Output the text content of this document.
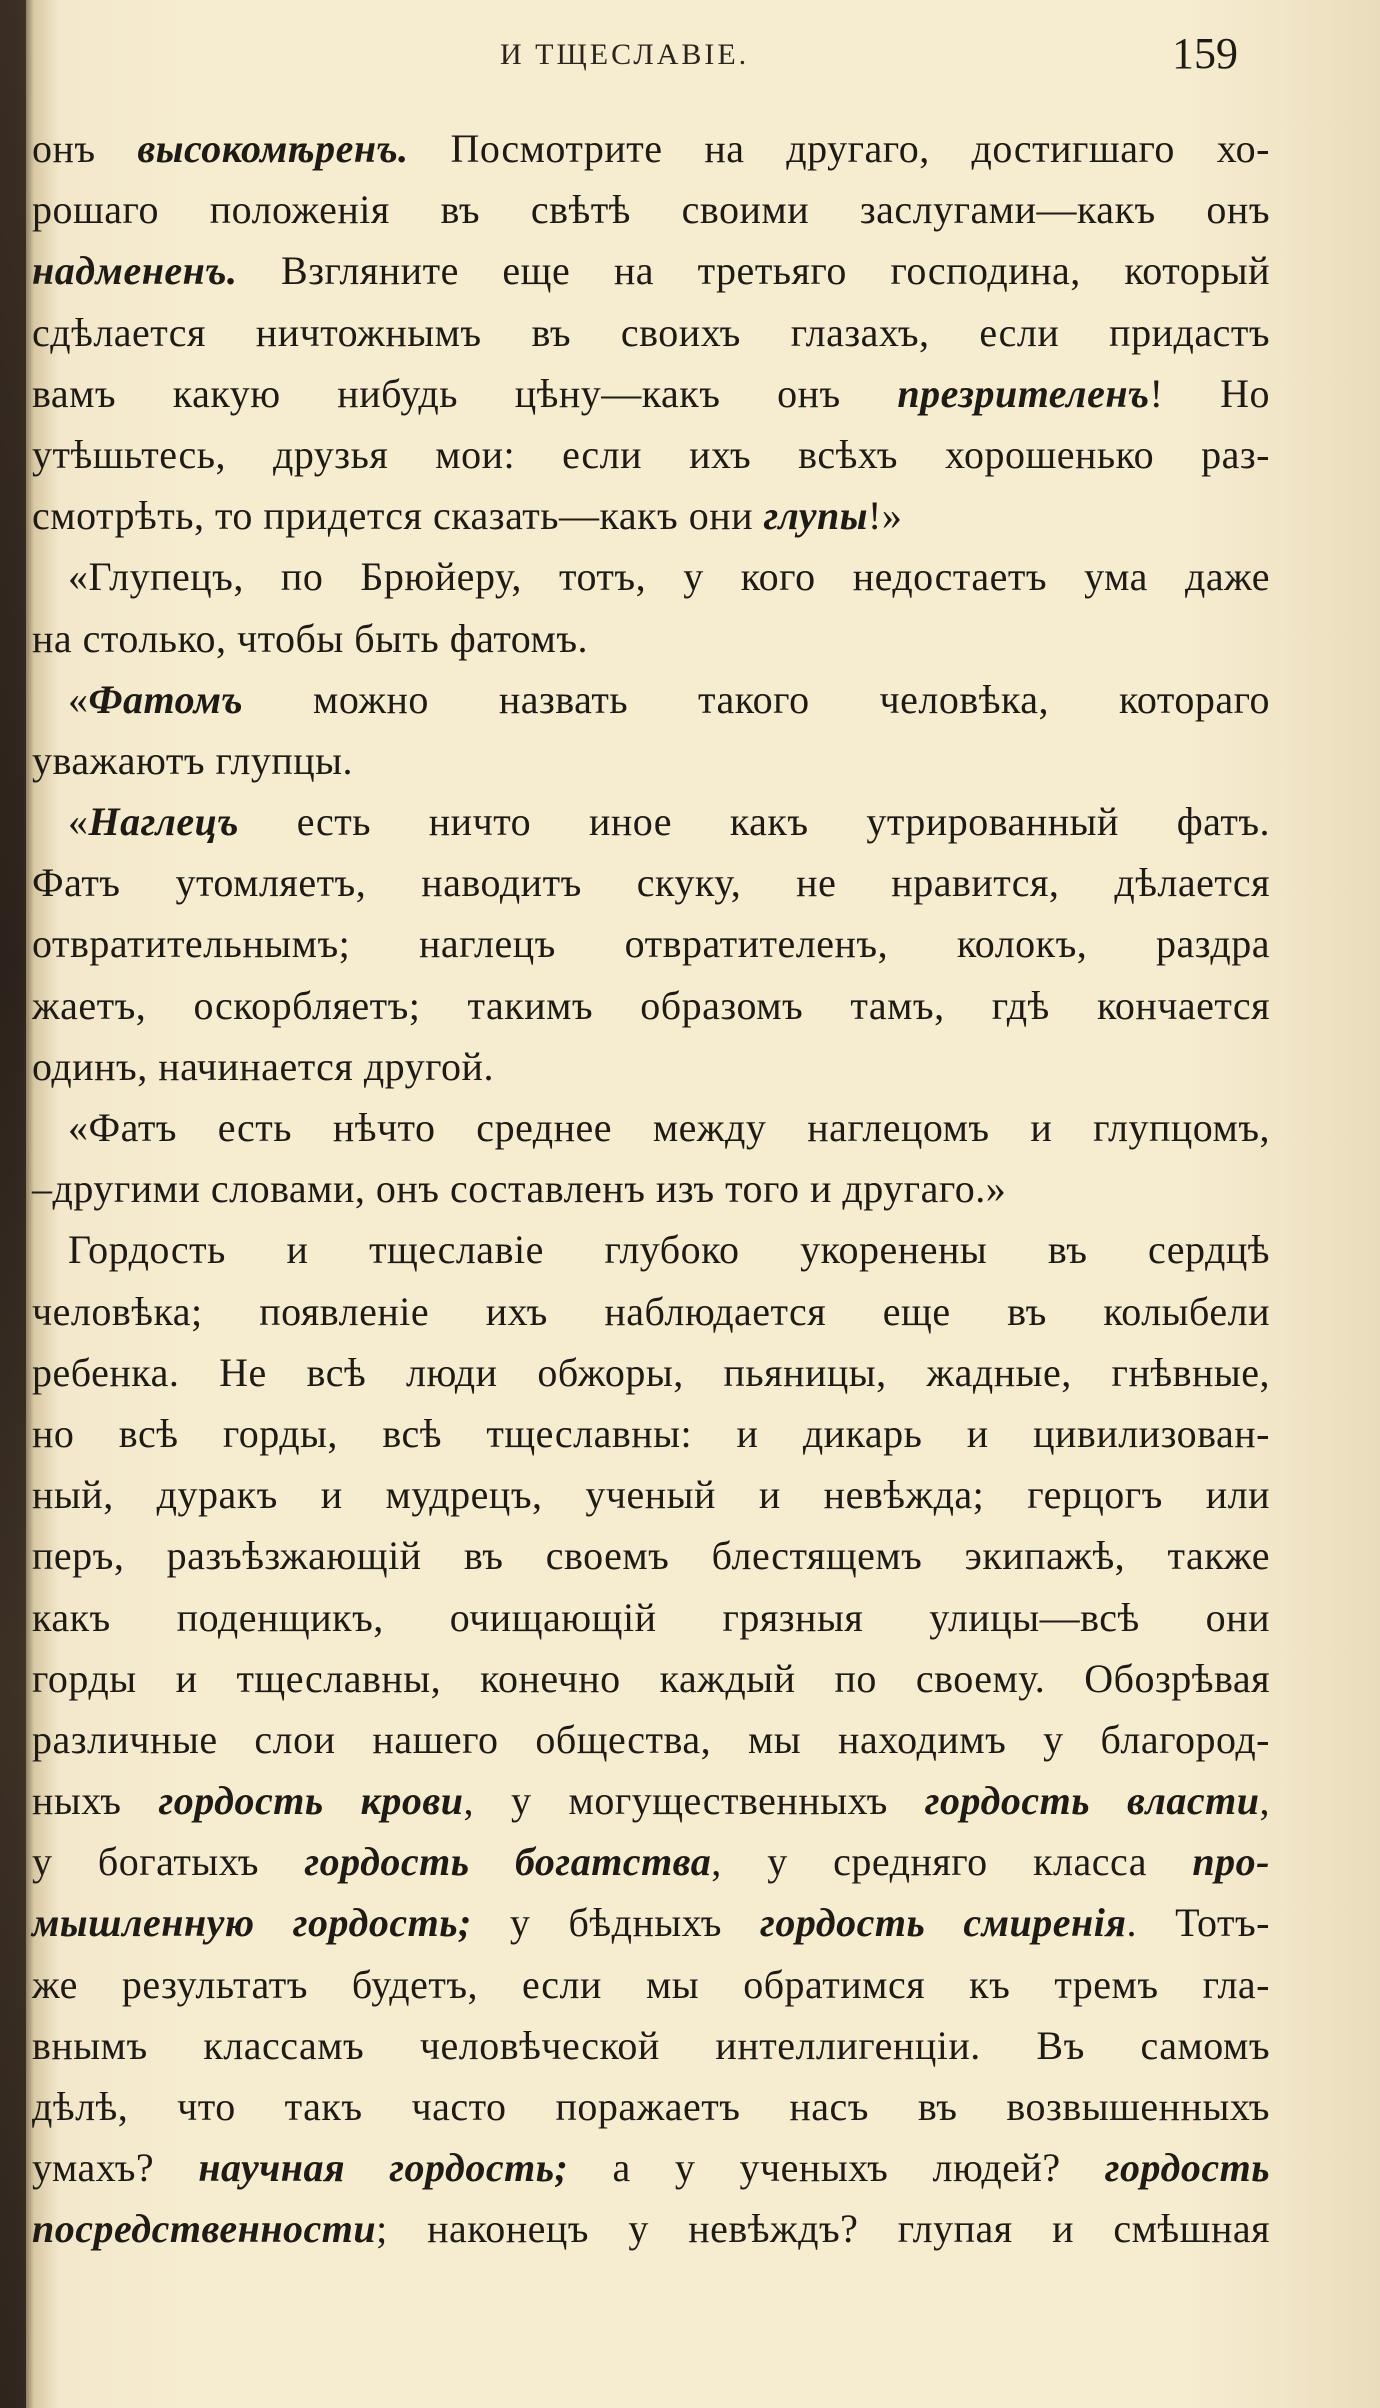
И ТЩЕСЛАВІЕ.	159
онъ высокомѣренъ. Посмотрите на другаго, достигшаго хо-
рошаго положенія въ свѣтѣ своими заслугами—какъ онъ
надмененъ. Взгляните еще на третьяго господина, который
сдѣлается ничтожнымъ въ своихъ глазахъ, если придастъ
вамъ какую нибудь цѣну—какъ онъ презрителенъ! Но
утѣшьтесь, друзья мои: если ихъ всѣхъ хорошенько раз-
смотрѣть, то придется сказать—какъ они глупы!»
«Глупецъ, по Брюйеру, тотъ, у кого недостаетъ ума даже
на столько, чтобы быть фатомъ.
«Фатомъ можно назвать такого человѣка, котораго
уважаютъ глупцы.
«Наглецъ есть ничто иное какъ утрированный фатъ.
Фатъ утомляетъ, наводитъ скуку, не нравится, дѣлается
отвратительнымъ; наглецъ отвратителенъ, колокъ, раздра
жаетъ, оскорбляетъ; такимъ образомъ тамъ, гдѣ кончается
одинъ, начинается другой.
«Фатъ есть нѣчто среднее между наглецомъ и глупцомъ,
–другими словами, онъ составленъ изъ того и другаго.»
Гордость и тщеславіе глубоко укоренены въ сердцѣ
человѣка; появленіе ихъ наблюдается еще въ колыбели
ребенка. Не всѣ люди обжоры, пьяницы, жадные, гнѣвные,
но всѣ горды, всѣ тщеславны: и дикарь и цивилизован-
ный, дуракъ и мудрецъ, ученый и невѣжда; герцогъ или
перъ, разъѣзжающій въ своемъ блестящемъ экипажѣ, также
какъ поденщикъ, очищающій грязныя улицы—всѣ они
горды и тщеславны, конечно каждый по своему. Обозрѣвая
различные слои нашего общества, мы находимъ у благород-
ныхъ гордость крови, у могущественныхъ гордость власти,
у богатыхъ гордость богатства, у средняго класса про-
мышленную гордость; у бѣдныхъ гордость смиренія. Тотъ-
же результатъ будетъ, если мы обратимся къ тремъ гла-
внымъ классамъ человѣческой интеллигенціи. Въ самомъ
дѣлѣ, что такъ часто поражаетъ насъ въ возвышенныхъ
умахъ? научная гордость; а у ученыхъ людей? гордость
посредственности; наконецъ у невѣждъ? глупая и смѣшная
